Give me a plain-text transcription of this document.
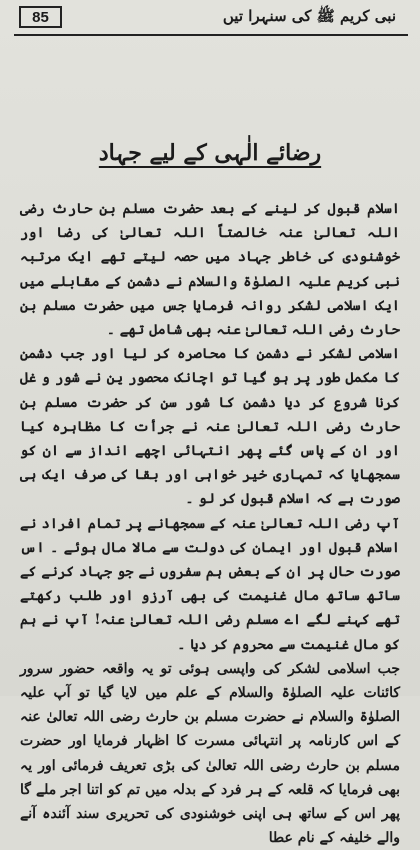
85	نبی کریم ﷺ کی سنہرا تیں
رضائے الٰہی کے لیے جہاد

اسلام قبول کر لینے کے بعد حضرت مسلم بن حارث رضی اللہ تعالیٰ عنہ خالصتاً اللہ تعالیٰ کی رضا اور خوشنودی کی خاطر جہاد میں حصہ لیتے تھے ایک مرتبہ نبی کریم علیہ الصلوٰۃ والسلام نے دشمن کے مقابلے میں ایک اسلامی لشکر روانہ فرمایا جس میں حضرت مسلم بن حارث رضی اللہ تعالیٰ عنہ بھی شامل تھے ۔

اسلامی لشکر نے دشمن کا محاصرہ کر لیا اور جب دشمن کا مکمل طور پر ہو گیا تو اچانک محصور ین نے شور و غل کرنا شروع کر دیا دشمن کا شور سن کر حضرت مسلم بن حارث رضی اللہ تعالیٰ عنہ نے جرأت کا مظاہرہ کیا اور ان کے پاس گئے پھر انتہائی اچھے انداز سے ان کو سمجھایا کہ تمہاری خیر خواہی اور بقا کی صرف ایک ہی صورت ہے کہ اسلام قبول کر لو ۔

آپ رضی اللہ تعالیٰ عنہ کے سمجھانے پر تمام افراد نے اسلام قبول اور ایمان کی دولت سے مالا مال ہوئے ۔ اس صورت حال پر ان کے بعض ہم سفروں نے جو جہاد کرنے کے ساتھ ساتھ مال غنیمت کی بھی آرزو اور طلب رکھتے تھے کہنے لگے اے مسلم رضی اللہ تعالیٰ عنہ! آپ نے ہم کو مال غنیمت سے محروم کر دیا ۔

جب اسلامی لشکر کی واپسی ہوئی تو یہ واقعہ حضور سرور کائنات علیہ الصلوٰۃ والسلام کے علم میں لایا گیا تو آپ علیہ الصلوٰۃ والسلام نے حضرت مسلم بن حارث رضی اللہ تعالیٰ عنہ کے اس کارنامہ پر انتہائی مسرت کا اظہار فرمایا اور حضرت مسلم بن حارث رضی اللہ تعالیٰ کی بڑی تعریف فرمائی اور یہ بھی فرمایا کہ قلعہ کے ہر فرد کے بدلہ میں تم کو اتنا اجر ملے گا پھر اس کے ساتھ ہی اپنی خوشنودی کی تحریری سند آئندہ آنے والے خلیفہ کے نام عطا
